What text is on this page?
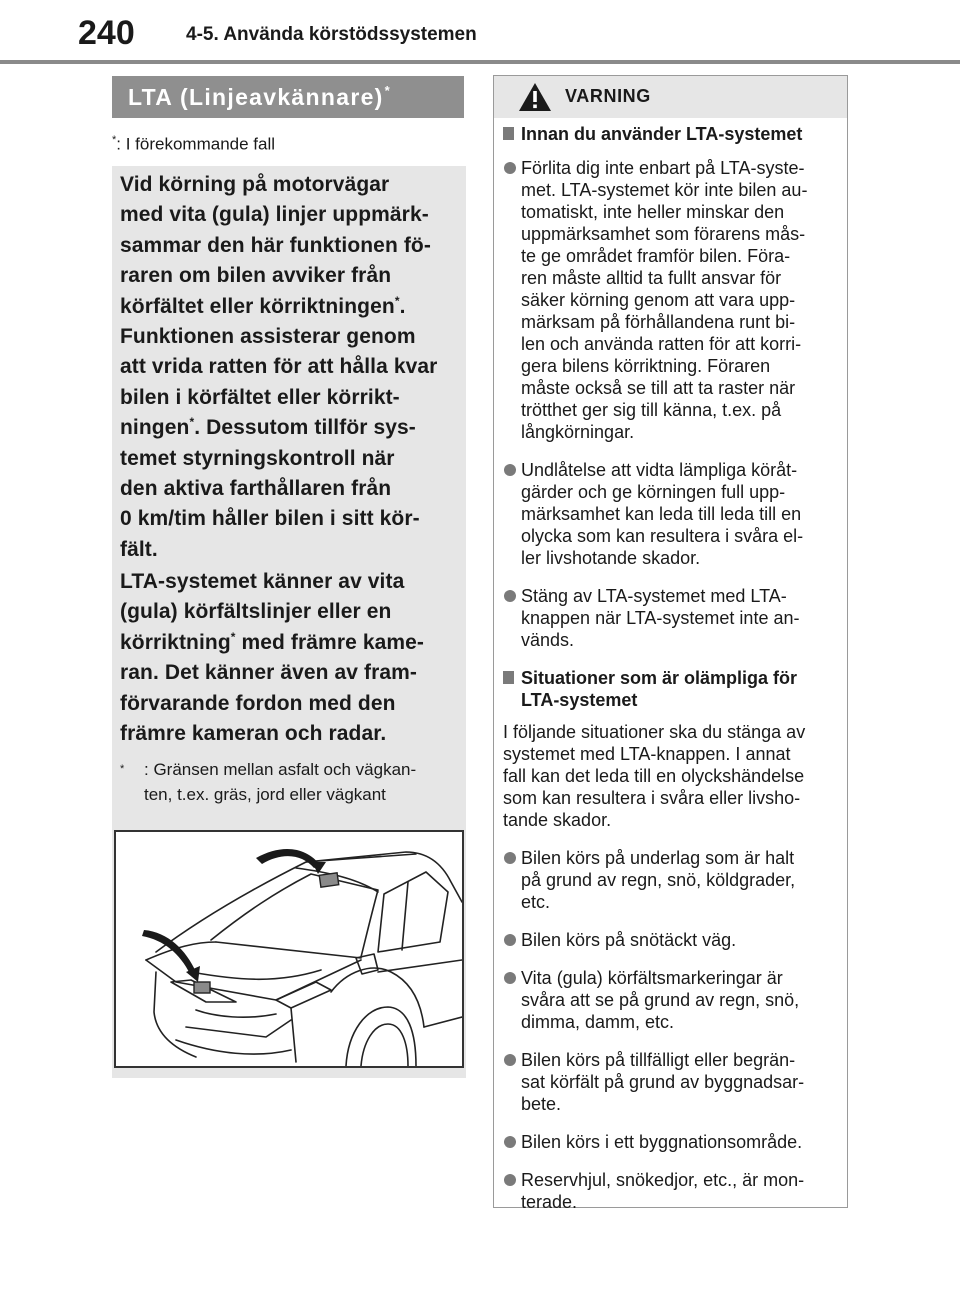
240	4-5. Använda körstödssystemen
LTA (Linjeavkännare)*
*: I förekommande fall
Vid körning på motorvägar
med vita (gula) linjer uppmärk-
sammar den här funktionen fö-
raren om bilen avviker från
körfältet eller körriktningen*.
Funktionen assisterar genom
att vrida ratten för att hålla kvar
bilen i körfältet eller körrikt-
ningen*. Dessutom tillför sys-
temet styrningskontroll när
den aktiva farthållaren från
0 km/tim håller bilen i sitt kör-
fält.
LTA-systemet känner av vita
(gula) körfältslinjer eller en
körriktning* med främre kame-
ran. Det känner även av fram-
förvarande fordon med den
främre kameran och radar.
* : Gränsen mellan asfalt och vägkan-
ten, t.ex. gräs, jord eller vägkant
VARNING
Innan du använder LTA-systemet
Förlita dig inte enbart på LTA-syste-
met. LTA-systemet kör inte bilen au-
tomatiskt, inte heller minskar den
uppmärksamhet som förarens mås-
te ge området framför bilen. Föra-
ren måste alltid ta fullt ansvar för
säker körning genom att vara upp-
märksam på förhållandena runt bi-
len och använda ratten för att korri-
gera bilens körriktning. Föraren
måste också se till att ta raster när
trötthet ger sig till känna, t.ex. på
långkörningar.
Undlåtelse att vidta lämpliga köråt-
gärder och ge körningen full upp-
märksamhet kan leda till leda till en
olycka som kan resultera i svåra el-
ler livshotande skador.
Stäng av LTA-systemet med LTA-
knappen när LTA-systemet inte an-
vänds.
Situationer som är olämpliga för
LTA-systemet
I följande situationer ska du stänga av
systemet med LTA-knappen. I annat
fall kan det leda till en olyckshändelse
som kan resultera i svåra eller livsho-
tande skador.
Bilen körs på underlag som är halt
på grund av regn, snö, köldgrader,
etc.
Bilen körs på snötäckt väg.
Vita (gula) körfältsmarkeringar är
svåra att se på grund av regn, snö,
dimma, damm, etc.
Bilen körs på tillfälligt eller begrän-
sat körfält på grund av byggnadsar-
bete.
Bilen körs i ett byggnationsområde.
Reservhjul, snökedjor, etc., är mon-
terade.
